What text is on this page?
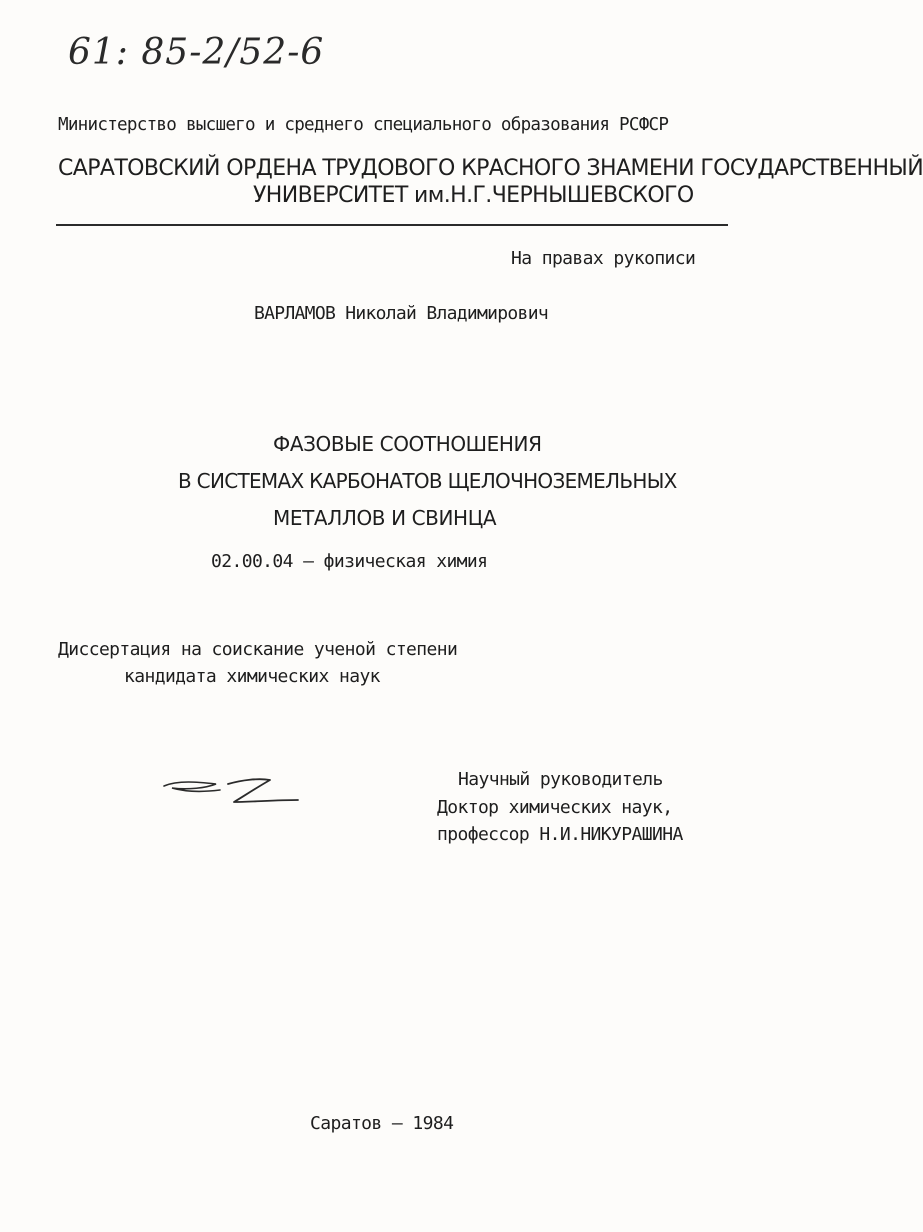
61: 85-2/52-6
Министерство высшего и среднего специального образования РСФСР
САРАТОВСКИЙ ОРДЕНА ТРУДОВОГО КРАСНОГО ЗНАМЕНИ ГОСУДАРСТВЕННЫЙ
УНИВЕРСИТЕТ им.Н.Г.ЧЕРНЫШЕВСКОГО
На правах рукописи
ВАРЛАМОВ Николай Владимирович
ФАЗОВЫЕ СООТНОШЕНИЯ
В СИСТЕМАХ КАРБОНАТОВ ЩЕЛОЧНОЗЕМЕЛЬНЫХ
МЕТАЛЛОВ И СВИНЦА
02.00.04 – физическая химия
Диссертация на соискание ученой степени
кандидата химических наук
Научный руководитель
Доктор химических наук,
профессор Н.И.НИКУРАШИНА
Саратов – 1984
